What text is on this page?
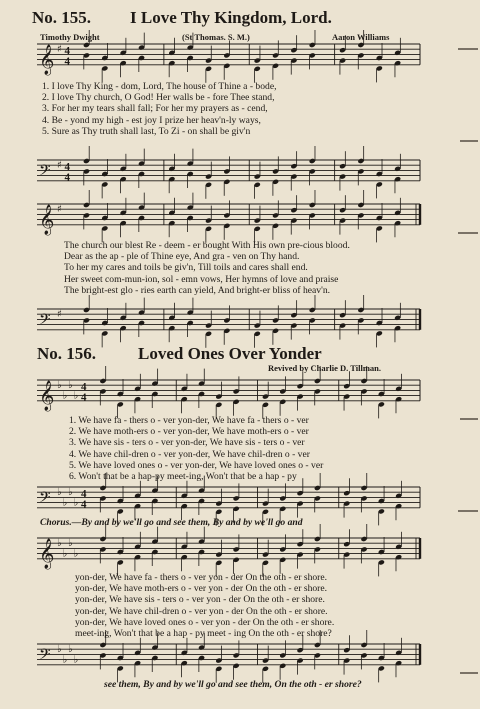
No. 155. I Love Thy Kingdom, Lord.
Timothy Dwight	(St Thomas. S. M.)	Aaron Williams
𝄞 ♯ 4
4
1. I love Thy King - dom, Lord, The house of Thine a - bode,
2. I love Thy church, O God! Her walls be - fore Thee stand,
3. For her my tears shall fall; For her my prayers as - cend,
4. Be - yond my high - est joy I prize her heav'n-ly ways,
5. Sure as Thy truth shall last, To Zi - on shall be giv'n
𝄢 ♯ 4
4
𝄞 ♯
The church our blest Re - deem - er bought With His own pre-cious blood.
Dear as the ap - ple of Thine eye, And gra - ven on Thy hand.
To her my cares and toils be giv'n, Till toils and cares shall end.
Her sweet com-mun-ion, sol - emn vows, Her hymns of love and praise
The bright-est glo - ries earth can yield, And bright-er bliss of heav'n.
𝄢 ♯
No. 156. Loved Ones Over Yonder
Revived by Charlie D. Tillman.
𝄞 ♭
♭
♭
♭
4
4
1. We have fa - thers o - ver yon-der, We have fa - thers o - ver
2. We have moth-ers o - ver yon-der, We have moth-ers o - ver
3. We have sis - ters o - ver yon-der, We have sis - ters o - ver
4. We have chil-dren o - ver yon-der, We have chil-dren o - ver
5. We have loved ones o - ver yon-der, We have loved ones o - ver
6. Won't that be a hap-py meet-ing, Won't that be a hap - py
𝄢 ♭
♭
♭
♭
4
4
Chorus.—By and by we'll go and see them, By and by we'll go and
𝄞 ♭
♭
♭
♭
yon-der, We have fa - thers o - ver yon - der On the oth - er shore.
yon-der, We have moth-ers o - ver yon - der On the oth - er shore.
yon-der, We have sis - ters o - ver yon - der On the oth - er shore.
yon-der, We have chil-dren o - ver yon - der On the oth - er shore.
yon-der, We have loved ones o - ver yon - der On the oth - er shore.
meet-ing, Won't that be a hap - py meet - ing On the oth - er shore?
𝄢 ♭
♭
♭
♭
see them, By and by we'll go and see them, On the oth - er shore?
